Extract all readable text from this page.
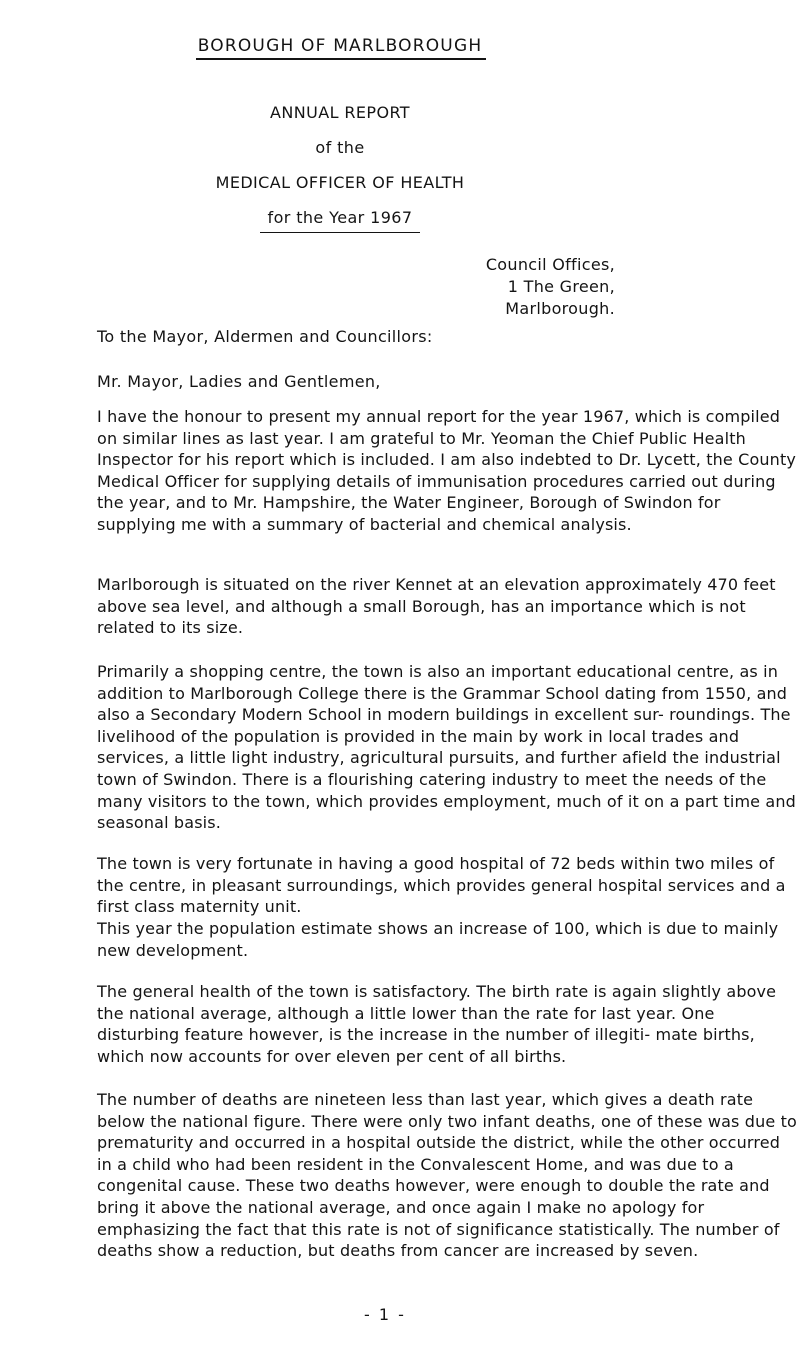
BOROUGH OF MARLBOROUGH
ANNUAL REPORT
of the
MEDICAL OFFICER OF HEALTH
for the Year 1967
Council Offices,
1 The Green,
Marlborough.
To the Mayor, Aldermen and Councillors:
Mr. Mayor, Ladies and Gentlemen,

I have the honour to present my annual report for the year 1967, which is compiled on similar lines as last year. I am grateful to Mr. Yeoman the Chief Public Health Inspector for his report which is included. I am also indebted to Dr. Lycett, the County Medical Officer for supplying details of immunisation procedures carried out during the year, and to Mr. Hampshire, the Water Engineer, Borough of Swindon for supplying me with a summary of bacterial and chemical analysis.

Marlborough is situated on the river Kennet at an elevation approximately 470 feet above sea level, and although a small Borough, has an importance which is not related to its size.

Primarily a shopping centre, the town is also an important educational centre, as in addition to Marlborough College there is the Grammar School dating from 1550, and also a Secondary Modern School in modern buildings in excellent sur- roundings. The livelihood of the population is provided in the main by work in local trades and services, a little light industry, agricultural pursuits, and further afield the industrial town of Swindon. There is a flourishing catering industry to meet the needs of the many visitors to the town, which provides employment, much of it on a part time and seasonal basis.

The town is very fortunate in having a good hospital of 72 beds within two miles of the centre, in pleasant surroundings, which provides general hospital services and a first class maternity unit.

This year the population estimate shows an increase of 100, which is due to mainly new development.

The general health of the town is satisfactory. The birth rate is again slightly above the national average, although a little lower than the rate for last year. One disturbing feature however, is the increase in the number of illegiti- mate births, which now accounts for over eleven per cent of all births.

The number of deaths are nineteen less than last year, which gives a death rate below the national figure. There were only two infant deaths, one of these was due to prematurity and occurred in a hospital outside the district, while the other occurred in a child who had been resident in the Convalescent Home, and was due to a congenital cause. These two deaths however, were enough to double the rate and bring it above the national average, and once again I make no apology for emphasizing the fact that this rate is not of significance statistically. The number of deaths show a reduction, but deaths from cancer are increased by seven.

- 1 -
